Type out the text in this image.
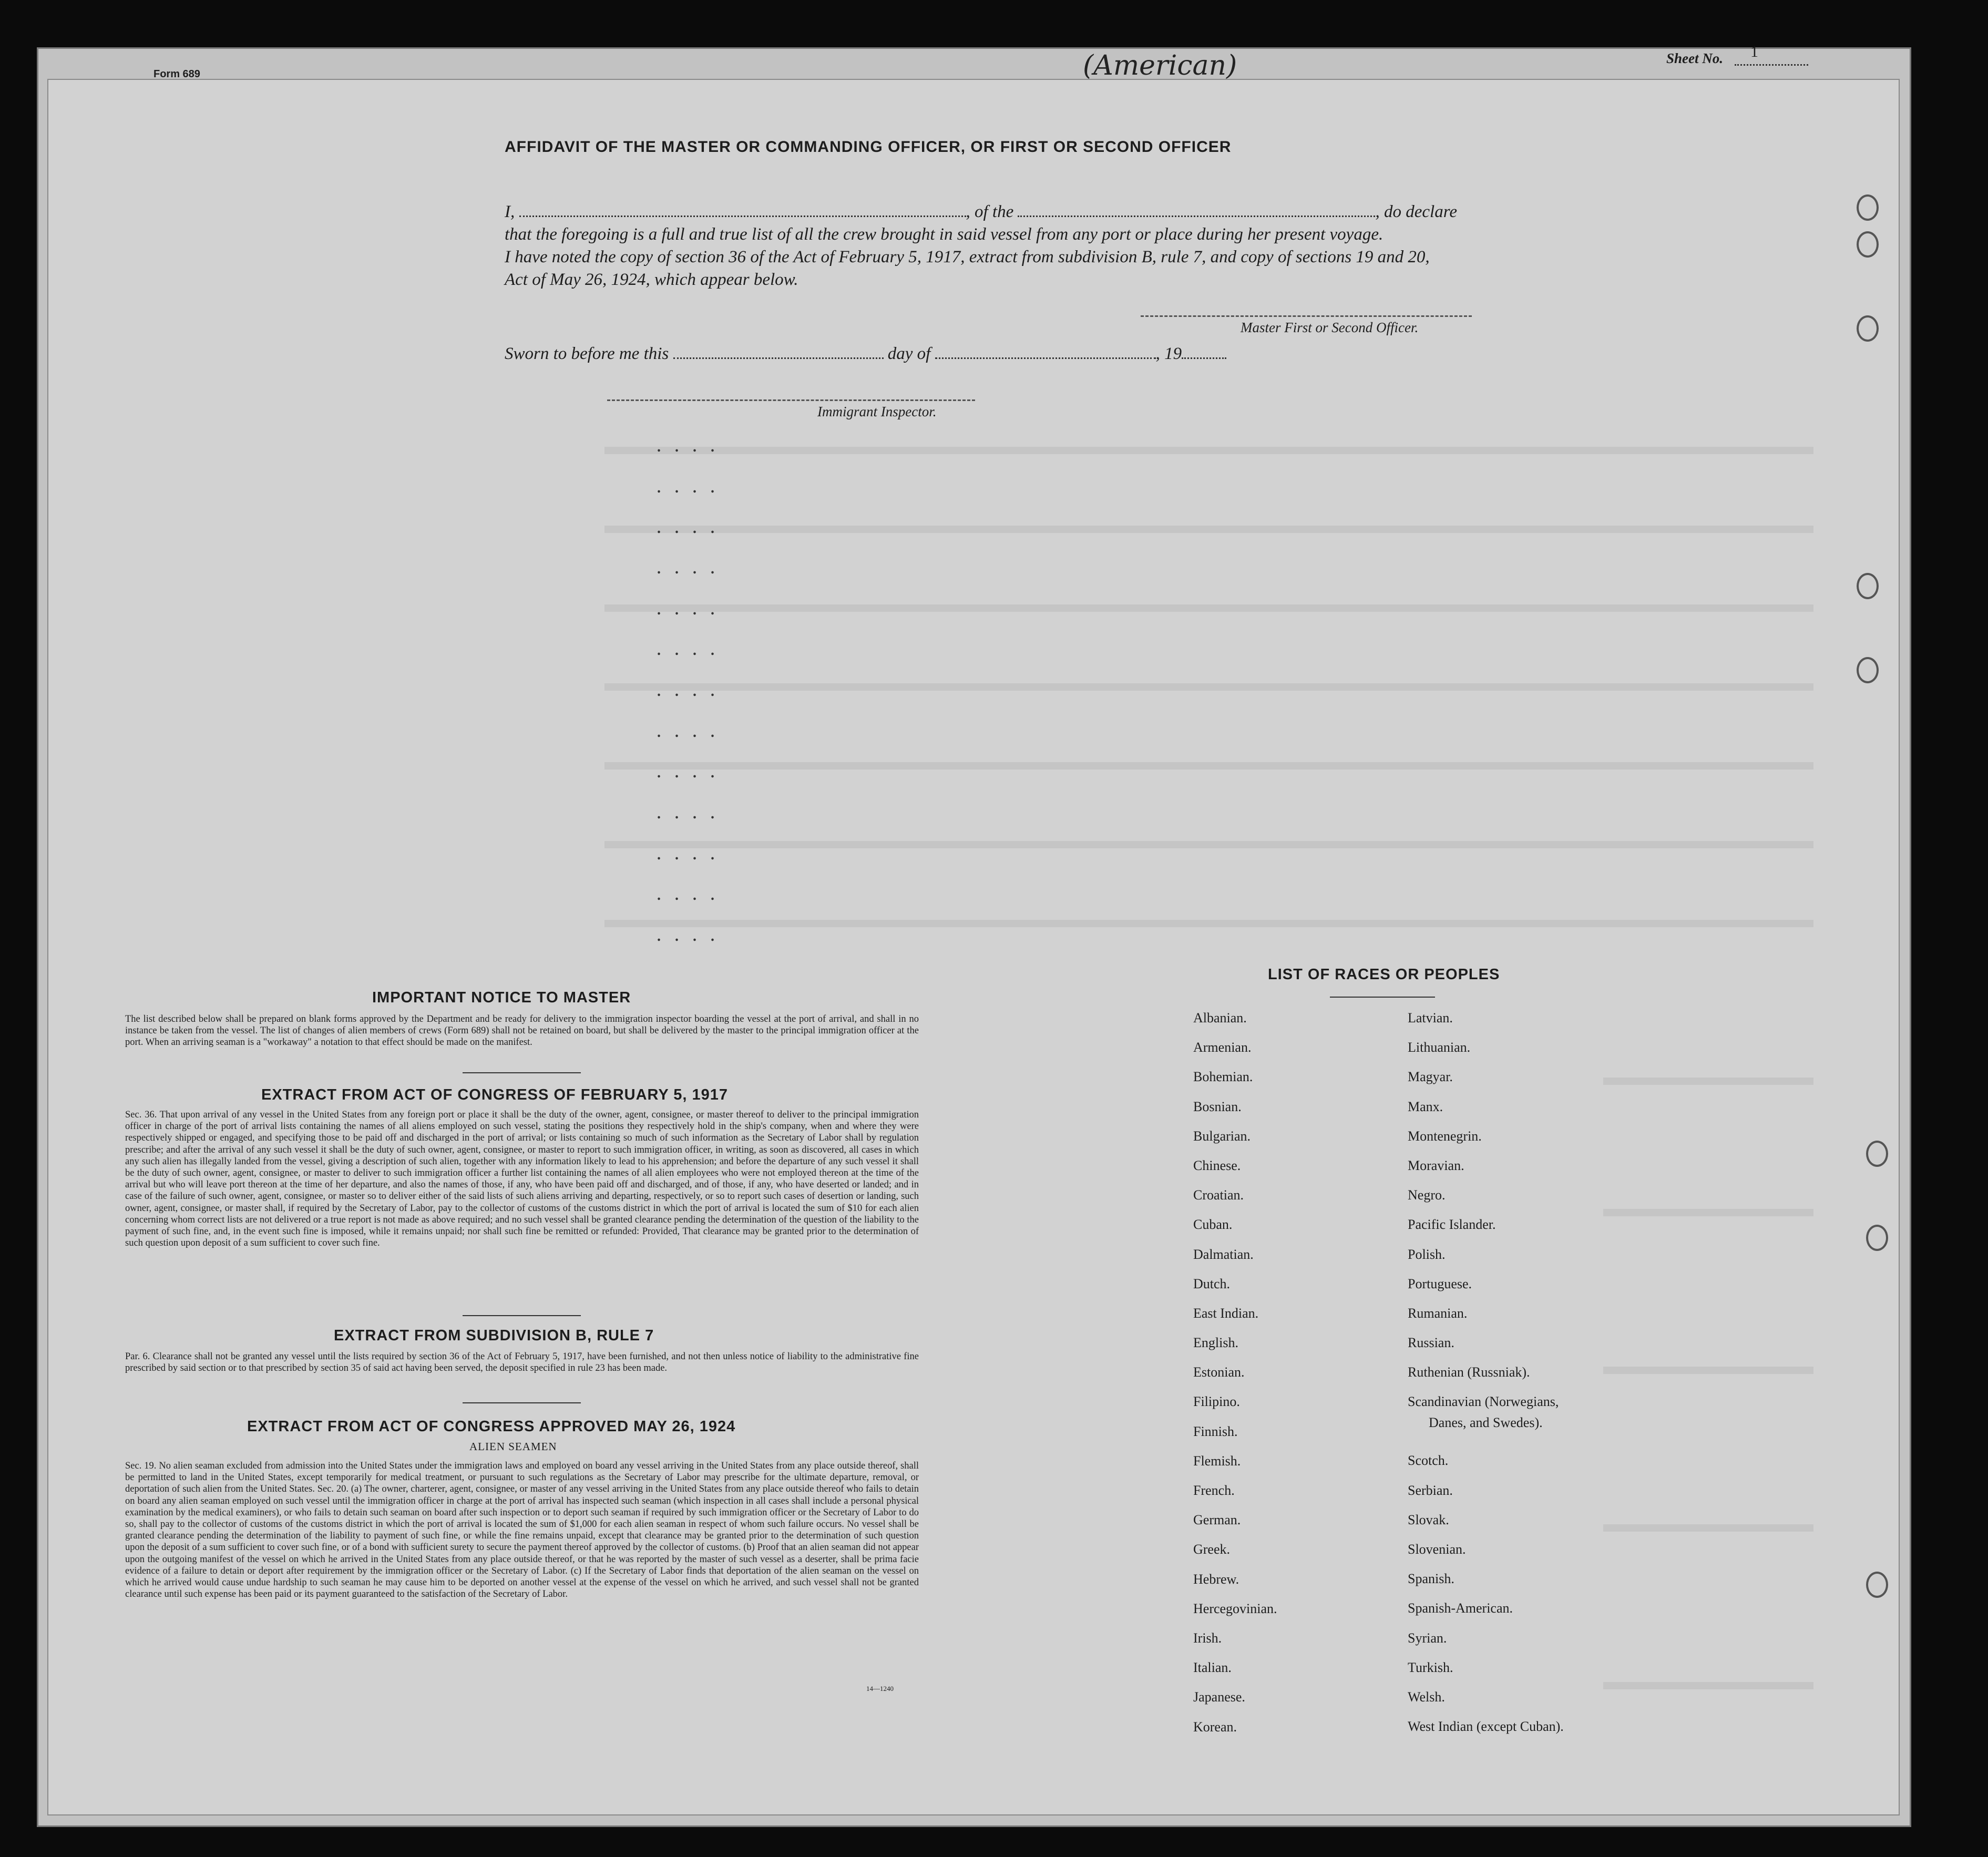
. . . .
. . . .
. . . .
. . . .
. . . .
. . . .
. . . .
. . . .
. . . .
. . . .
. . . .
. . . .
. . . .
Form 689	(American)	Sheet No. 1
AFFIDAVIT OF THE MASTER OR COMMANDING OFFICER, OR FIRST OR SECOND OFFICER
I,	, of the	, do declare
that the foregoing is a full and true list of all the crew brought in said vessel from any port or place during her present voyage.
I have noted the copy of section 36 of the Act of February 5, 1917, extract from subdivision B, rule 7, and copy of sections 19 and 20,
Act of May 26, 1924, which appear below.
Master First or Second Officer.
Sworn to before me this	day of	, 19
Immigrant Inspector.
IMPORTANT NOTICE TO MASTER
The list described below shall be prepared on blank forms approved by the Department and be ready for delivery to the immigration inspector boarding the vessel at the port of arrival, and shall in no instance be taken from the vessel. The list of changes of alien members of crews (Form 689) shall not be retained on board, but shall be delivered by the master to the principal immigration officer at the port. When an arriving seaman is a "workaway" a notation to that effect should be made on the manifest.
EXTRACT FROM ACT OF CONGRESS OF FEBRUARY 5, 1917
Sec. 36. That upon arrival of any vessel in the United States from any foreign port or place it shall be the duty of the owner, agent, consignee, or master thereof to deliver to the principal immigration officer in charge of the port of arrival lists containing the names of all aliens employed on such vessel, stating the positions they respectively hold in the ship's company, when and where they were respectively shipped or engaged, and specifying those to be paid off and discharged in the port of arrival; or lists containing so much of such information as the Secretary of Labor shall by regulation prescribe; and after the arrival of any such vessel it shall be the duty of such owner, agent, consignee, or master to report to such immigration officer, in writing, as soon as discovered, all cases in which any such alien has illegally landed from the vessel, giving a description of such alien, together with any information likely to lead to his apprehension; and before the departure of any such vessel it shall be the duty of such owner, agent, consignee, or master to deliver to such immigration officer a further list containing the names of all alien employees who were not employed thereon at the time of the arrival but who will leave port thereon at the time of her departure, and also the names of those, if any, who have been paid off and discharged, and of those, if any, who have deserted or landed; and in case of the failure of such owner, agent, consignee, or master so to deliver either of the said lists of such aliens arriving and departing, respectively, or so to report such cases of desertion or landing, such owner, agent, consignee, or master shall, if required by the Secretary of Labor, pay to the collector of customs of the customs district in which the port of arrival is located the sum of $10 for each alien concerning whom correct lists are not delivered or a true report is not made as above required; and no such vessel shall be granted clearance pending the determination of the question of the liability to the payment of such fine, and, in the event such fine is imposed, while it remains unpaid; nor shall such fine be remitted or refunded: Provided, That clearance may be granted prior to the determination of such question upon deposit of a sum sufficient to cover such fine.
EXTRACT FROM SUBDIVISION B, RULE 7
Par. 6. Clearance shall not be granted any vessel until the lists required by section 36 of the Act of February 5, 1917, have been furnished, and not then unless notice of liability to the administrative fine prescribed by said section or to that prescribed by section 35 of said act having been served, the deposit specified in rule 23 has been made.
EXTRACT FROM ACT OF CONGRESS APPROVED MAY 26, 1924
ALIEN SEAMEN
Sec. 19. No alien seaman excluded from admission into the United States under the immigration laws and employed on board any vessel arriving in the United States from any place outside thereof, shall be permitted to land in the United States, except temporarily for medical treatment, or pursuant to such regulations as the Secretary of Labor may prescribe for the ultimate departure, removal, or deportation of such alien from the United States. Sec. 20. (a) The owner, charterer, agent, consignee, or master of any vessel arriving in the United States from any place outside thereof who fails to detain on board any alien seaman employed on such vessel until the immigration officer in charge at the port of arrival has inspected such seaman (which inspection in all cases shall include a personal physical examination by the medical examiners), or who fails to detain such seaman on board after such inspection or to deport such seaman if required by such immigration officer or the Secretary of Labor to do so, shall pay to the collector of customs of the customs district in which the port of arrival is located the sum of $1,000 for each alien seaman in respect of whom such failure occurs. No vessel shall be granted clearance pending the determination of the liability to payment of such fine, or while the fine remains unpaid, except that clearance may be granted prior to the determination of such question upon the deposit of a sum sufficient to cover such fine, or of a bond with sufficient surety to secure the payment thereof approved by the collector of customs. (b) Proof that an alien seaman did not appear upon the outgoing manifest of the vessel on which he arrived in the United States from any place outside thereof, or that he was reported by the master of such vessel as a deserter, shall be prima facie evidence of a failure to detain or deport after requirement by the immigration officer or the Secretary of Labor. (c) If the Secretary of Labor finds that deportation of the alien seaman on the vessel on which he arrived would cause undue hardship to such seaman he may cause him to be deported on another vessel at the expense of the vessel on which he arrived, and such vessel shall not be granted clearance until such expense has been paid or its payment guaranteed to the satisfaction of the Secretary of Labor.
14—1240
LIST OF RACES OR PEOPLES
Albanian.
Armenian.
Bohemian.
Bosnian.
Bulgarian.
Chinese.
Croatian.
Cuban.
Dalmatian.
Dutch.
East Indian.
English.
Estonian.
Filipino.
Finnish.
Flemish.
French.
German.
Greek.
Hebrew.
Hercegovinian.
Irish.
Italian.
Japanese.
Korean.
Latvian.
Lithuanian.
Magyar.
Manx.
Montenegrin.
Moravian.
Negro.
Pacific Islander.
Polish.
Portuguese.
Rumanian.
Russian.
Ruthenian (Russniak).
Scandinavian (Norwegians,
Danes, and Swedes).
Scotch.
Serbian.
Slovak.
Slovenian.
Spanish.
Spanish-American.
Syrian.
Turkish.
Welsh.
West Indian (except Cuban).
